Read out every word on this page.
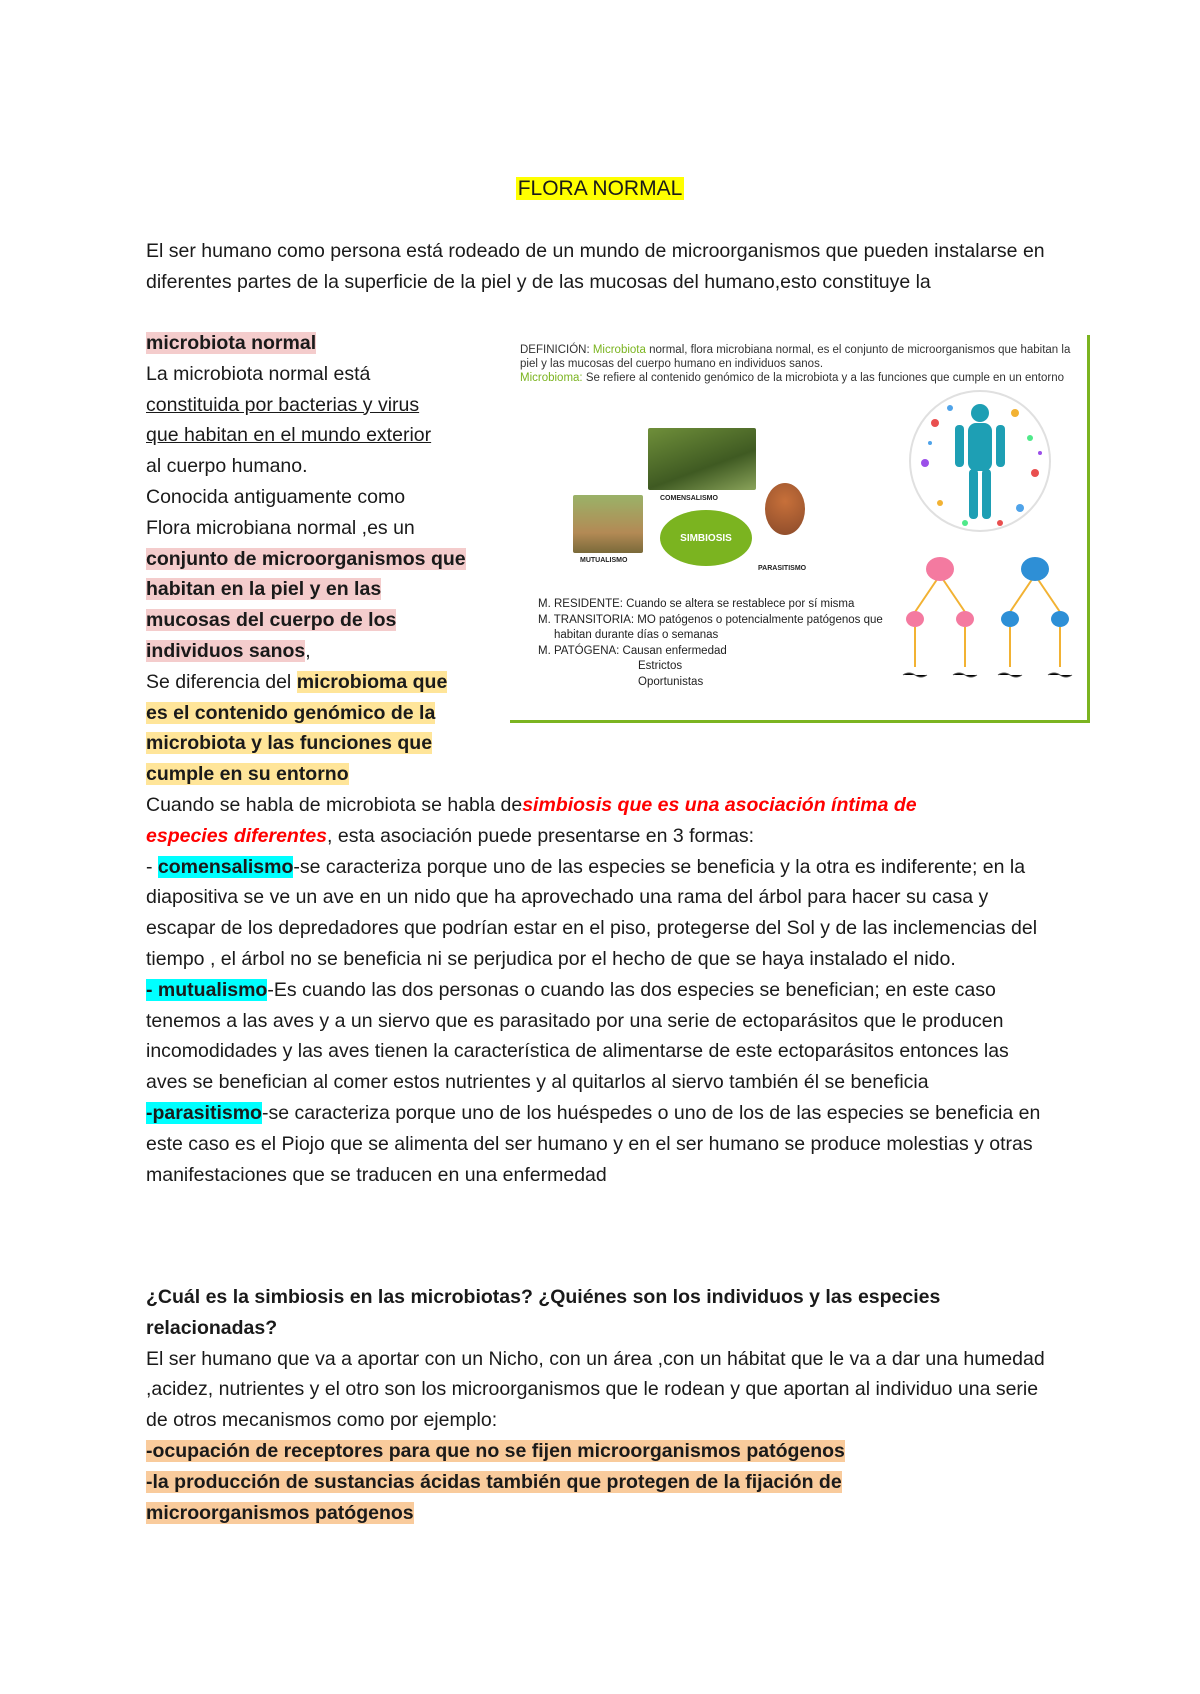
FLORA NORMAL

El ser humano como persona está rodeado de un mundo de microorganismos que pueden instalarse en diferentes partes de la superficie de la piel y de las mucosas del humano,esto constituye la

microbiota normal
La microbiota normal está
constituida por bacterias y virus
que habitan en el mundo exterior
al cuerpo humano.
Conocida antiguamente como
Flora microbiana normal ,es un
conjunto de microorganismos que
habitan en la piel y en las
mucosas del cuerpo de los
individuos sanos,
Se diferencia del microbioma que
es el contenido genómico de la
microbiota y las funciones que
cumple en su entorno
DEFINICIÓN: Microbiota normal, flora microbiana normal, es el conjunto de microorganismos que habitan la piel y las mucosas del cuerpo humano en individuos sanos.
Microbioma: Se refiere al contenido genómico de la microbiota y a las funciones que cumple en un entorno
COMENSALISMO
MUTUALISMO
SIMBIOSIS
PARASITISMO
M. RESIDENTE: Cuando se altera se restablece por sí misma
M. TRANSITORIA: MO patógenos o potencialmente patógenos que
habitan durante días o semanas
M. PATÓGENA: Causan enfermedad
Estrictos
Oportunistas
Cuando se habla de microbiota se habla desimbiosis que es una asociación íntima de
especies diferentes, esta asociación puede presentarse en 3 formas:
- comensalismo-se caracteriza porque uno de las especies se beneficia y la otra es indiferente; en la diapositiva se ve un ave en un nido que ha aprovechado una rama del árbol para hacer su casa y escapar de los depredadores que podrían estar en el piso, protegerse del Sol y de las inclemencias del tiempo , el árbol no se beneficia ni se perjudica por el hecho de que se haya instalado el nido.
- mutualismo-Es cuando las dos personas o cuando las dos especies se benefician; en este caso tenemos a las aves y a un siervo que es parasitado por una serie de ectoparásitos que le producen incomodidades y las aves tienen la característica de alimentarse de este ectoparásitos entonces las aves se benefician al comer estos nutrientes y al quitarlos al siervo también él se beneficia
-parasitismo-se caracteriza porque uno de los huéspedes o uno de los de las especies se beneficia en este caso es el Piojo que se alimenta del ser humano y en el ser humano se produce molestias y otras manifestaciones que se traducen en una enfermedad
¿Cuál es la simbiosis en las microbiotas? ¿Quiénes son los individuos y las especies relacionadas?
El ser humano que va a aportar con un Nicho, con un área ,con un hábitat que le va a dar una humedad ,acidez, nutrientes y el otro son los microorganismos que le rodean y que aportan al individuo una serie de otros mecanismos como por ejemplo:
-ocupación de receptores para que no se fijen microorganismos patógenos
-la producción de sustancias ácidas también que protegen de la fijación de
microorganismos patógenos
